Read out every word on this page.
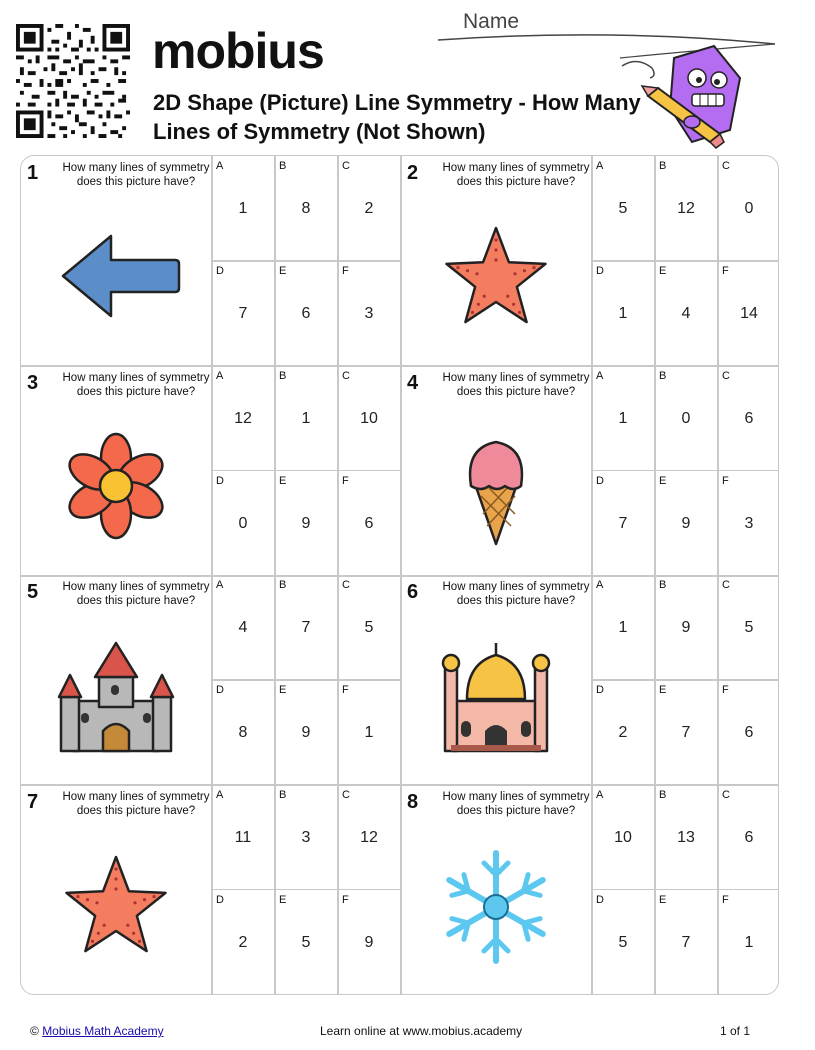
mobius
2D Shape (Picture) Line Symmetry - How Many Lines of Symmetry (Not Shown)
Name
1 How many lines of symmetry does this picture have?
A
1
B
8
C
2
D
7
E
6
F
3
2 How many lines of symmetry does this picture have?
A
5
B
12
C
0
D
1
E
4
F
14
3 How many lines of symmetry does this picture have?
A
12
B
1
C
10
D
0
E
9
F
6
4 How many lines of symmetry does this picture have?
A
1
B
0
C
6
D
7
E
9
F
3
5 How many lines of symmetry does this picture have?
A
4
B
7
C
5
D
8
E
9
F
1
6 How many lines of symmetry does this picture have?
A
1
B
9
C
5
D
2
E
7
F
6
7 How many lines of symmetry does this picture have?
A
11
B
3
C
12
D
2
E
5
F
9
8 How many lines of symmetry does this picture have?
A
10
B
13
C
6
D
5
E
7
F
1
© Mobius Math Academy	Learn online at www.mobius.academy	1 of 1
